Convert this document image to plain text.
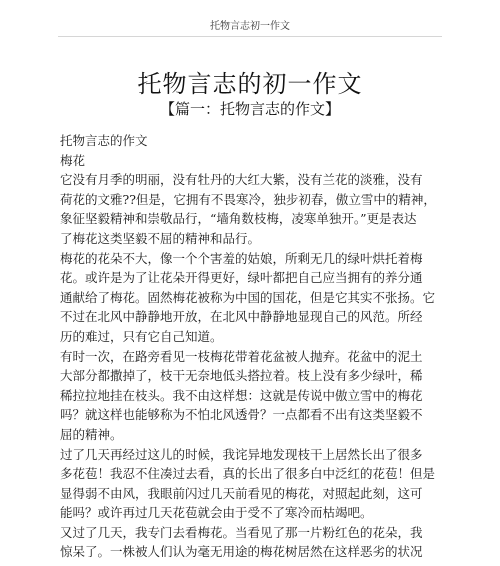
托物言志初一作文
托物言志的初一作文
【篇一：托物言志的作文】
托物言志的作文
梅花
它没有月季的明丽，没有牡丹的大红大紫，没有兰花的淡雅，没有
荷花的文雅??但是，它拥有不畏寒冷，独步初春，傲立雪中的精神，
象征坚毅精神和崇敬品行，“墙角数枝梅，凌寒单独开。”更是表达
了梅花这类坚毅不屈的精神和品行。
梅花的花朵不大，像一个个害羞的姑娘，所剩无几的绿叶烘托着梅
花。或许是为了让花朵开得更好，绿叶都把自己应当拥有的养分通
通献给了梅花。固然梅花被称为中国的国花，但是它其实不张扬。它
不过在北风中静静地开放，在北风中静静地显现自己的风范。所经
历的难过，只有它自己知道。
有时一次，在路旁看见一枝梅花带着花盆被人抛弃。花盆中的泥土
大部分都撒掉了，枝干无奈地低头搭拉着。枝上没有多少绿叶，稀
稀拉拉地挂在枝头。我不由这样想：这就是传说中傲立雪中的梅花
吗？就这样也能够称为不怕北风透骨？一点都看不出有这类坚毅不
屈的精神。
过了几天再经过这儿的时候，我诧异地发现枝干上居然长出了很多
多花苞！我忍不住凑过去看，真的长出了很多白中泛红的花苞！但是
显得弱不由风，我眼前闪过几天前看见的梅花，对照起此刻，这可
能吗？或许再过几天花苞就会由于受不了寒冷而枯竭吧。
又过了几天，我专门去看梅花。当看见了那一片粉红色的花朵，我
惊呆了。一株被人们认为毫无用途的梅花树居然在这样恶劣的状况
